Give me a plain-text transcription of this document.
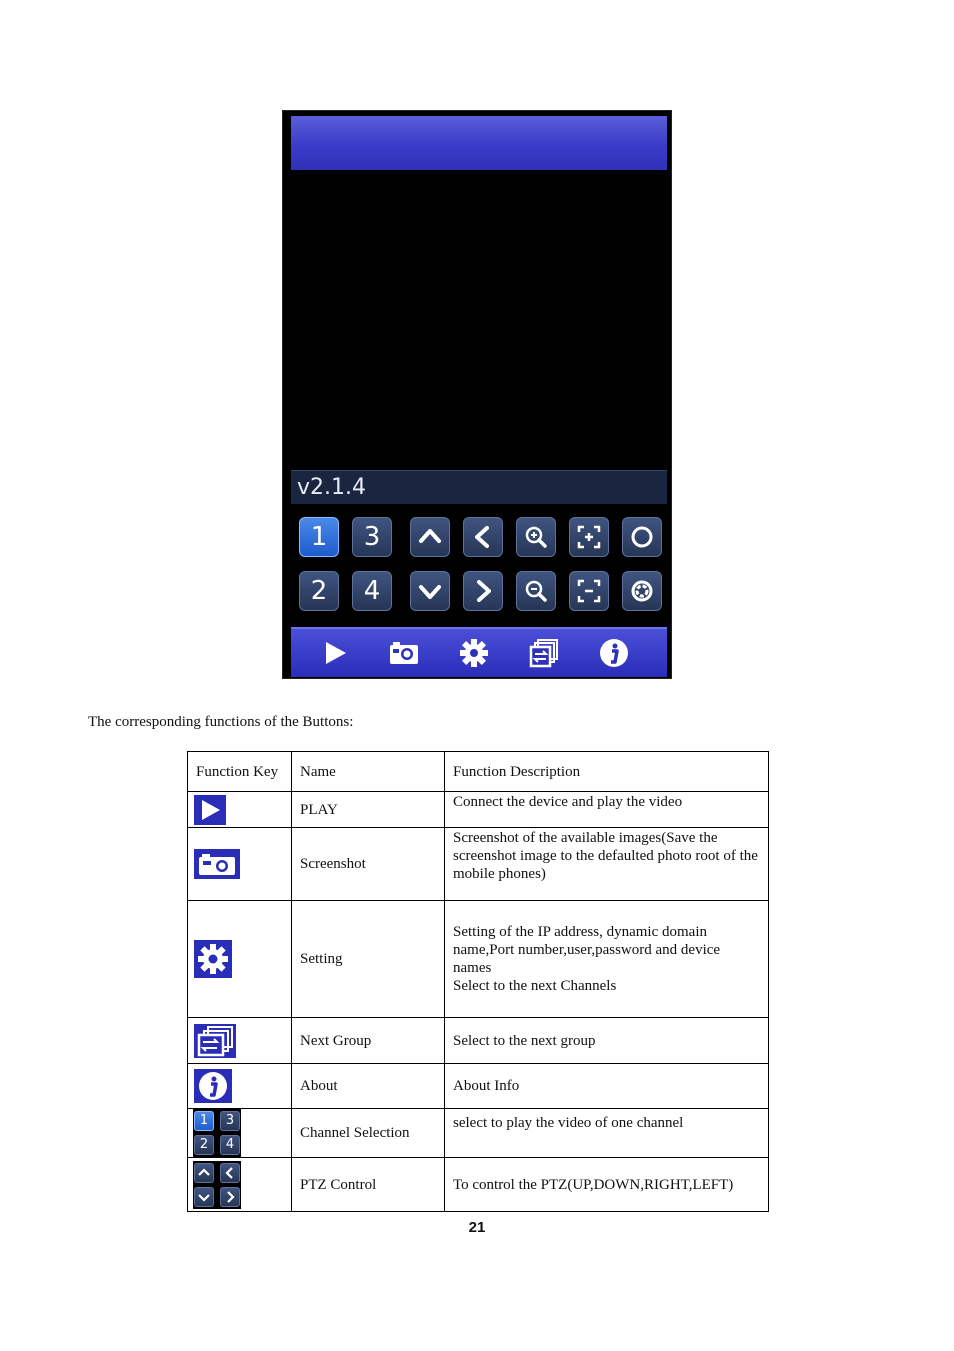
v2.1.4
1	3
2	4
The corresponding functions of the Buttons:
Function Key	Name	Function Description

	PLAY	Connect the device and play the video

	Screenshot	Screenshot of the available images(Save the screenshot image to the defaulted photo root of the mobile phones)

	Setting	Setting of the IP address, dynamic domain name,Port number,user,password and device names
Select to the next Channels

	Next Group	Select to the next group

	About	About Info

1 3
2 4	Channel Selection	select to play the video of one channel

	PTZ Control	To control the PTZ(UP,DOWN,RIGHT,LEFT)
21
